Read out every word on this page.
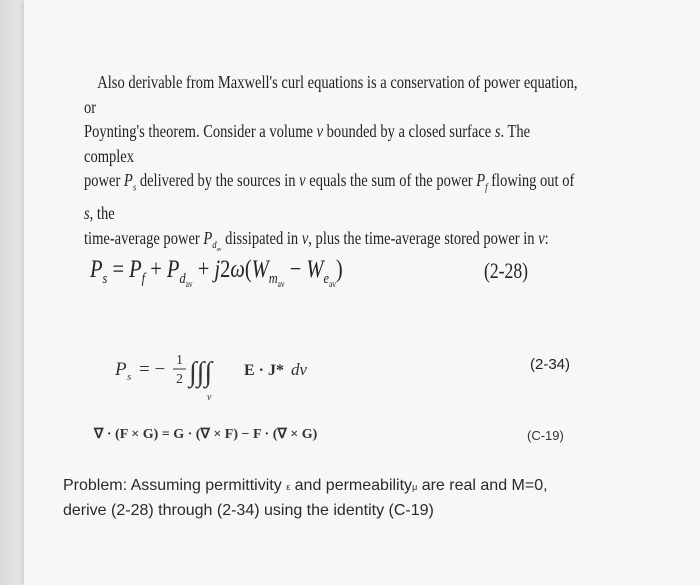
Also derivable from Maxwell's curl equations is a conservation of power equation, or

Poynting's theorem. Consider a volume v bounded by a closed surface s. The complex
power $P_s$ delivered by the sources in v equals the sum of the power $P_f$ flowing out of s, the
time-average power $P_{d_{av}}$ dissipated in v, plus the time-average stored power in v:
$P_s = P_f + P_{d_{av}} + j2\omega(W_{m_{av}} - W_{e_{av}})$	(2-28)
P s = − 1
2 ∫∫∫
v
E · J* dv	(2-34)
∇ · (F × G) = G · (∇ × F) − F · (∇ × G)	(C-19)
Problem: Assuming permittivity ε and permeabilityμ are real and M=0,
derive (2-28) through (2-34) using the identity (C-19)
